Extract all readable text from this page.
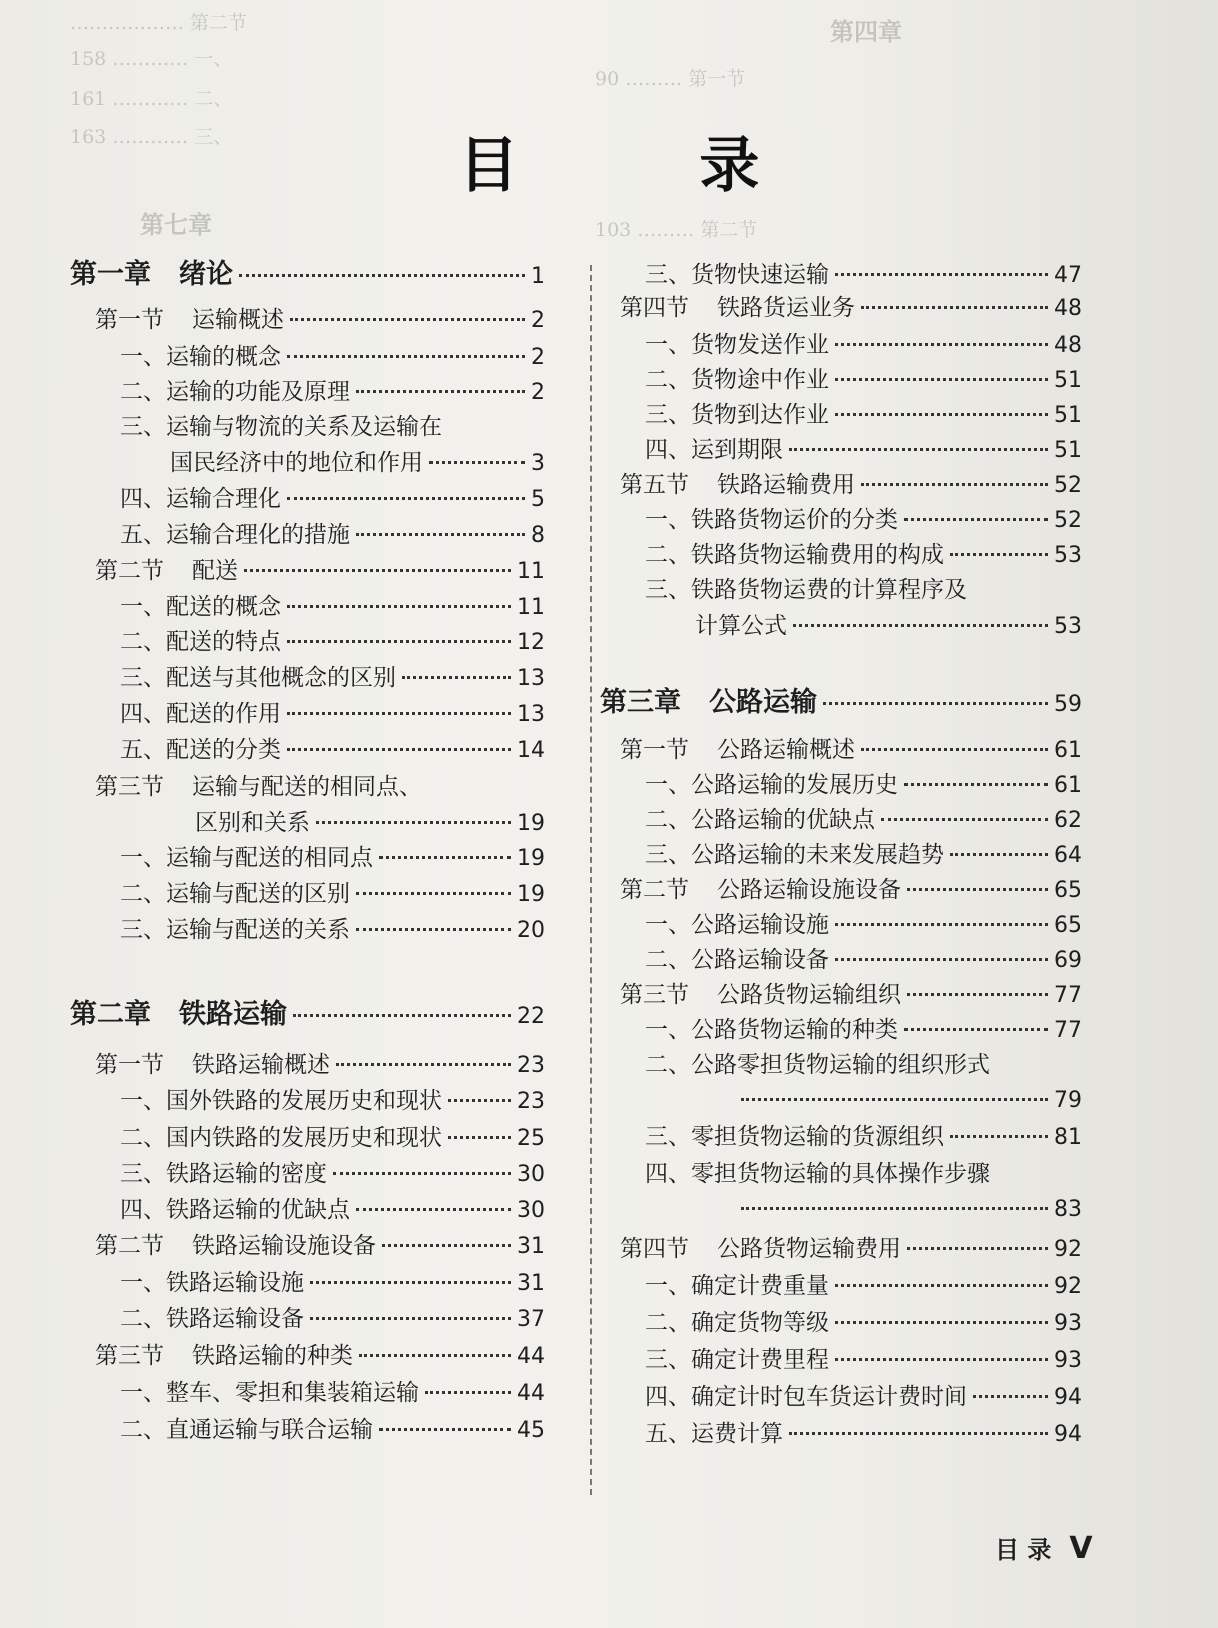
……………… 第二节
158 ………… 一、
161 ………… 二、
163 ………… 三、
第七章
第四章
90 ……… 第一节
103 ……… 第二节
目 录
第一章 绪论	1
第一节 运输概述	2
一、运输的概念	2
二、运输的功能及原理	2
三、运输与物流的关系及运输在
国民经济中的地位和作用	3
四、运输合理化	5
五、运输合理化的措施	8
第二节 配送	11
一、配送的概念	11
二、配送的特点	12
三、配送与其他概念的区别	13
四、配送的作用	13
五、配送的分类	14
第三节 运输与配送的相同点、
区别和关系	19
一、运输与配送的相同点	19
二、运输与配送的区别	19
三、运输与配送的关系	20
第二章 铁路运输	22
第一节 铁路运输概述	23
一、国外铁路的发展历史和现状	23
二、国内铁路的发展历史和现状	25
三、铁路运输的密度	30
四、铁路运输的优缺点	30
第二节 铁路运输设施设备	31
一、铁路运输设施	31
二、铁路运输设备	37
第三节 铁路运输的种类	44
一、整车、零担和集装箱运输	44
二、直通运输与联合运输	45
三、货物快速运输	47
第四节 铁路货运业务	48
一、货物发送作业	48
二、货物途中作业	51
三、货物到达作业	51
四、运到期限	51
第五节 铁路运输费用	52
一、铁路货物运价的分类	52
二、铁路货物运输费用的构成	53
三、铁路货物运费的计算程序及
计算公式	53
第三章 公路运输	59
第一节 公路运输概述	61
一、公路运输的发展历史	61
二、公路运输的优缺点	62
三、公路运输的未来发展趋势	64
第二节 公路运输设施设备	65
一、公路运输设施	65
二、公路运输设备	69
第三节 公路货物运输组织	77
一、公路货物运输的种类	77
二、公路零担货物运输的组织形式
79
三、零担货物运输的货源组织	81
四、零担货物运输的具体操作步骤
83
第四节 公路货物运输费用	92
一、确定计费重量	92
二、确定货物等级	93
三、确定计费里程	93
四、确定计时包车货运计费时间	94
五、运费计算	94
目 录 V
